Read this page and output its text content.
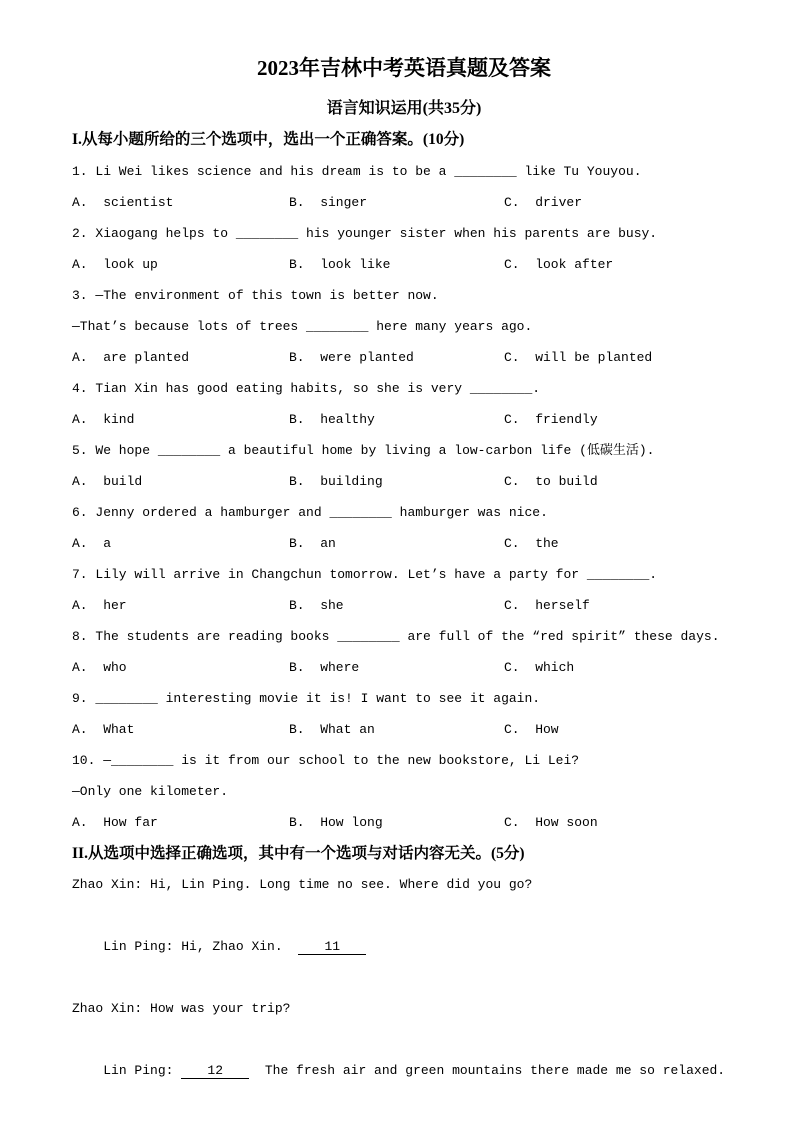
2023年吉林中考英语真题及答案
语言知识运用(共35分)
I.从每小题所给的三个选项中，选出一个正确答案。(10分)
1. Li Wei likes science and his dream is to be a ________ like Tu Youyou.
A.  scientist	B.  singer	C.  driver
2. Xiaogang helps to ________ his younger sister when his parents are busy.
A.  look up	B.  look like	C.  look after
3. —The environment of this town is better now.
—That’s because lots of trees ________ here many years ago.
A.  are planted	B.  were planted	C.  will be planted
4. Tian Xin has good eating habits, so she is very ________.
A.  kind	B.  healthy	C.  friendly
5. We hope ________ a beautiful home by living a low-carbon life (低碳生活).
A.  build	B.  building	C.  to build
6. Jenny ordered a hamburger and ________ hamburger was nice.
A.  a	B.  an	C.  the
7. Lily will arrive in Changchun tomorrow. Let’s have a party for ________.
A.  her	B.  she	C.  herself
8. The students are reading books ________ are full of the “red spirit” these days.
A.  who	B.  where	C.  which
9. ________ interesting movie it is! I want to see it again.
A.  What	B.  What an	C.  How
10. —________ is it from our school to the new bookstore, Li Lei?
—Only one kilometer.
A.  How far	B.  How long	C.  How soon
II.从选项中选择正确选项，其中有一个选项与对话内容无关。(5分)
Zhao Xin: Hi, Lin Ping. Long time no see. Where did you go?

Lin Ping: Hi, Zhao Xin.  11

Zhao Xin: How was your trip?

Lin Ping: 12  The fresh air and green mountains there made me so relaxed.
